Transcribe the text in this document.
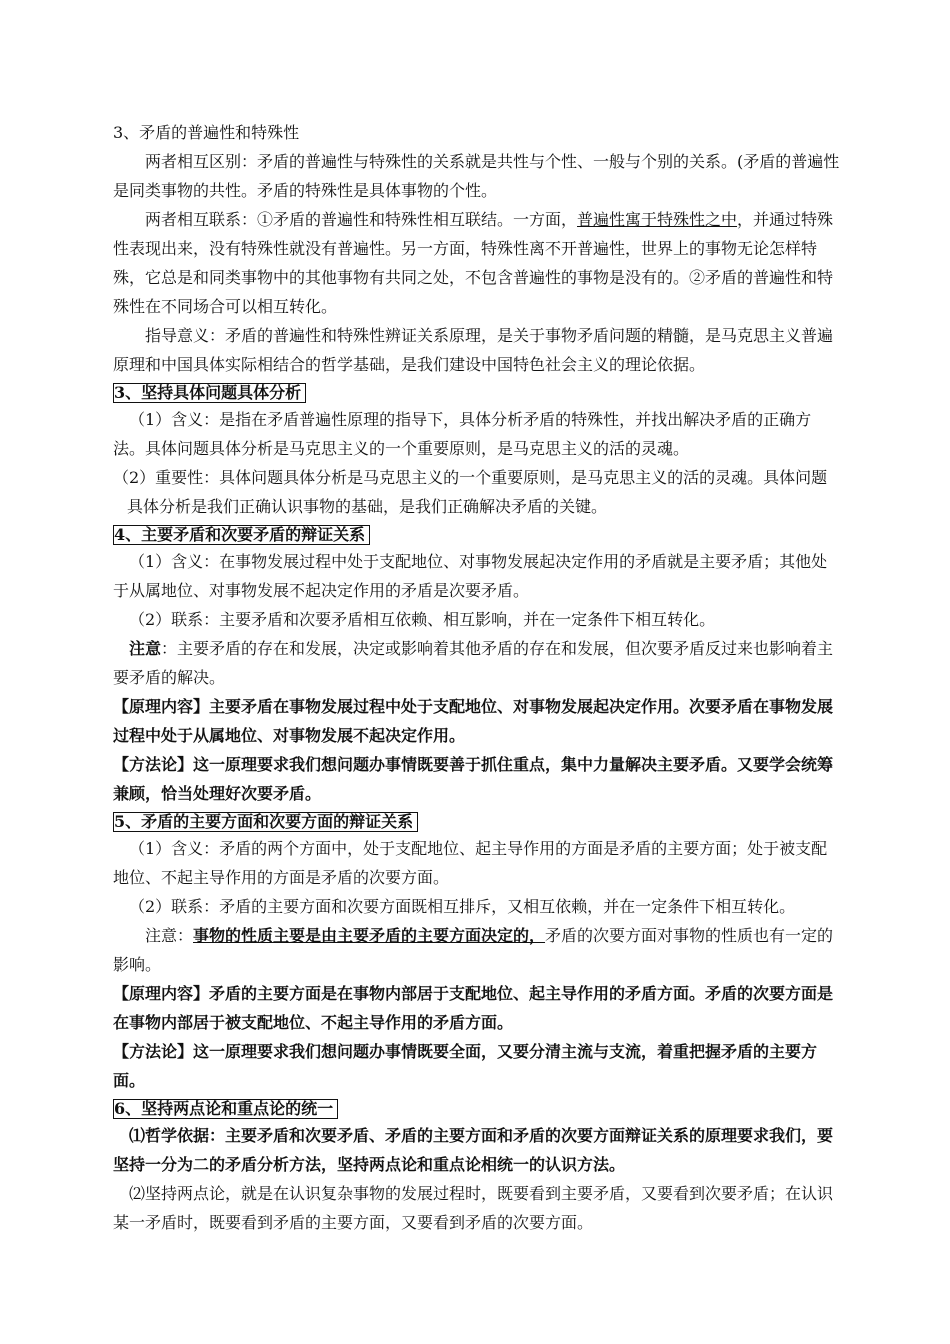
3、矛盾的普遍性和特殊性

两者相互区别：矛盾的普遍性与特殊性的关系就是共性与个性、一般与个别的关系。(矛盾的普遍性是同类事物的共性。矛盾的特殊性是具体事物的个性。

两者相互联系：①矛盾的普遍性和特殊性相互联结。一方面，普遍性寓于特殊性之中，并通过特殊性表现出来，没有特殊性就没有普遍性。另一方面，特殊性离不开普遍性，世界上的事物无论怎样特殊，它总是和同类事物中的其他事物有共同之处，不包含普遍性的事物是没有的。②矛盾的普遍性和特殊性在不同场合可以相互转化。

指导意义：矛盾的普遍性和特殊性辨证关系原理，是关于事物矛盾问题的精髓，是马克思主义普遍原理和中国具体实际相结合的哲学基础，是我们建设中国特色社会主义的理论依据。

3、坚持具体问题具体分析

（1）含义：是指在矛盾普遍性原理的指导下，具体分析矛盾的特殊性，并找出解决矛盾的正确方法。具体问题具体分析是马克思主义的一个重要原则，是马克思主义的活的灵魂。

（2）重要性：具体问题具体分析是马克思主义的一个重要原则，是马克思主义的活的灵魂。具体问题具体分析是我们正确认识事物的基础，是我们正确解决矛盾的关键。

4、主要矛盾和次要矛盾的辩证关系

（1）含义：在事物发展过程中处于支配地位、对事物发展起决定作用的矛盾就是主要矛盾；其他处于从属地位、对事物发展不起决定作用的矛盾是次要矛盾。

（2）联系：主要矛盾和次要矛盾相互依赖、相互影响，并在一定条件下相互转化。

注意：主要矛盾的存在和发展，决定或影响着其他矛盾的存在和发展，但次要矛盾反过来也影响着主要矛盾的解决。

【原理内容】主要矛盾在事物发展过程中处于支配地位、对事物发展起决定作用。次要矛盾在事物发展过程中处于从属地位、对事物发展不起决定作用。

【方法论】这一原理要求我们想问题办事情既要善于抓住重点，集中力量解决主要矛盾。又要学会统筹兼顾，恰当处理好次要矛盾。

5、矛盾的主要方面和次要方面的辩证关系

（1）含义：矛盾的两个方面中，处于支配地位、起主导作用的方面是矛盾的主要方面；处于被支配地位、不起主导作用的方面是矛盾的次要方面。

（2）联系：矛盾的主要方面和次要方面既相互排斥，又相互依赖，并在一定条件下相互转化。

注意：事物的性质主要是由主要矛盾的主要方面决定的，矛盾的次要方面对事物的性质也有一定的影响。

【原理内容】矛盾的主要方面是在事物内部居于支配地位、起主导作用的矛盾方面。矛盾的次要方面是在事物内部居于被支配地位、不起主导作用的矛盾方面。

【方法论】这一原理要求我们想问题办事情既要全面，又要分清主流与支流，着重把握矛盾的主要方面。

6、坚持两点论和重点论的统一

⑴哲学依据：主要矛盾和次要矛盾、矛盾的主要方面和矛盾的次要方面辩证关系的原理要求我们，要坚持一分为二的矛盾分析方法，坚持两点论和重点论相统一的认识方法。

⑵坚持两点论，就是在认识复杂事物的发展过程时，既要看到主要矛盾，又要看到次要矛盾；在认识某一矛盾时，既要看到矛盾的主要方面，又要看到矛盾的次要方面。
